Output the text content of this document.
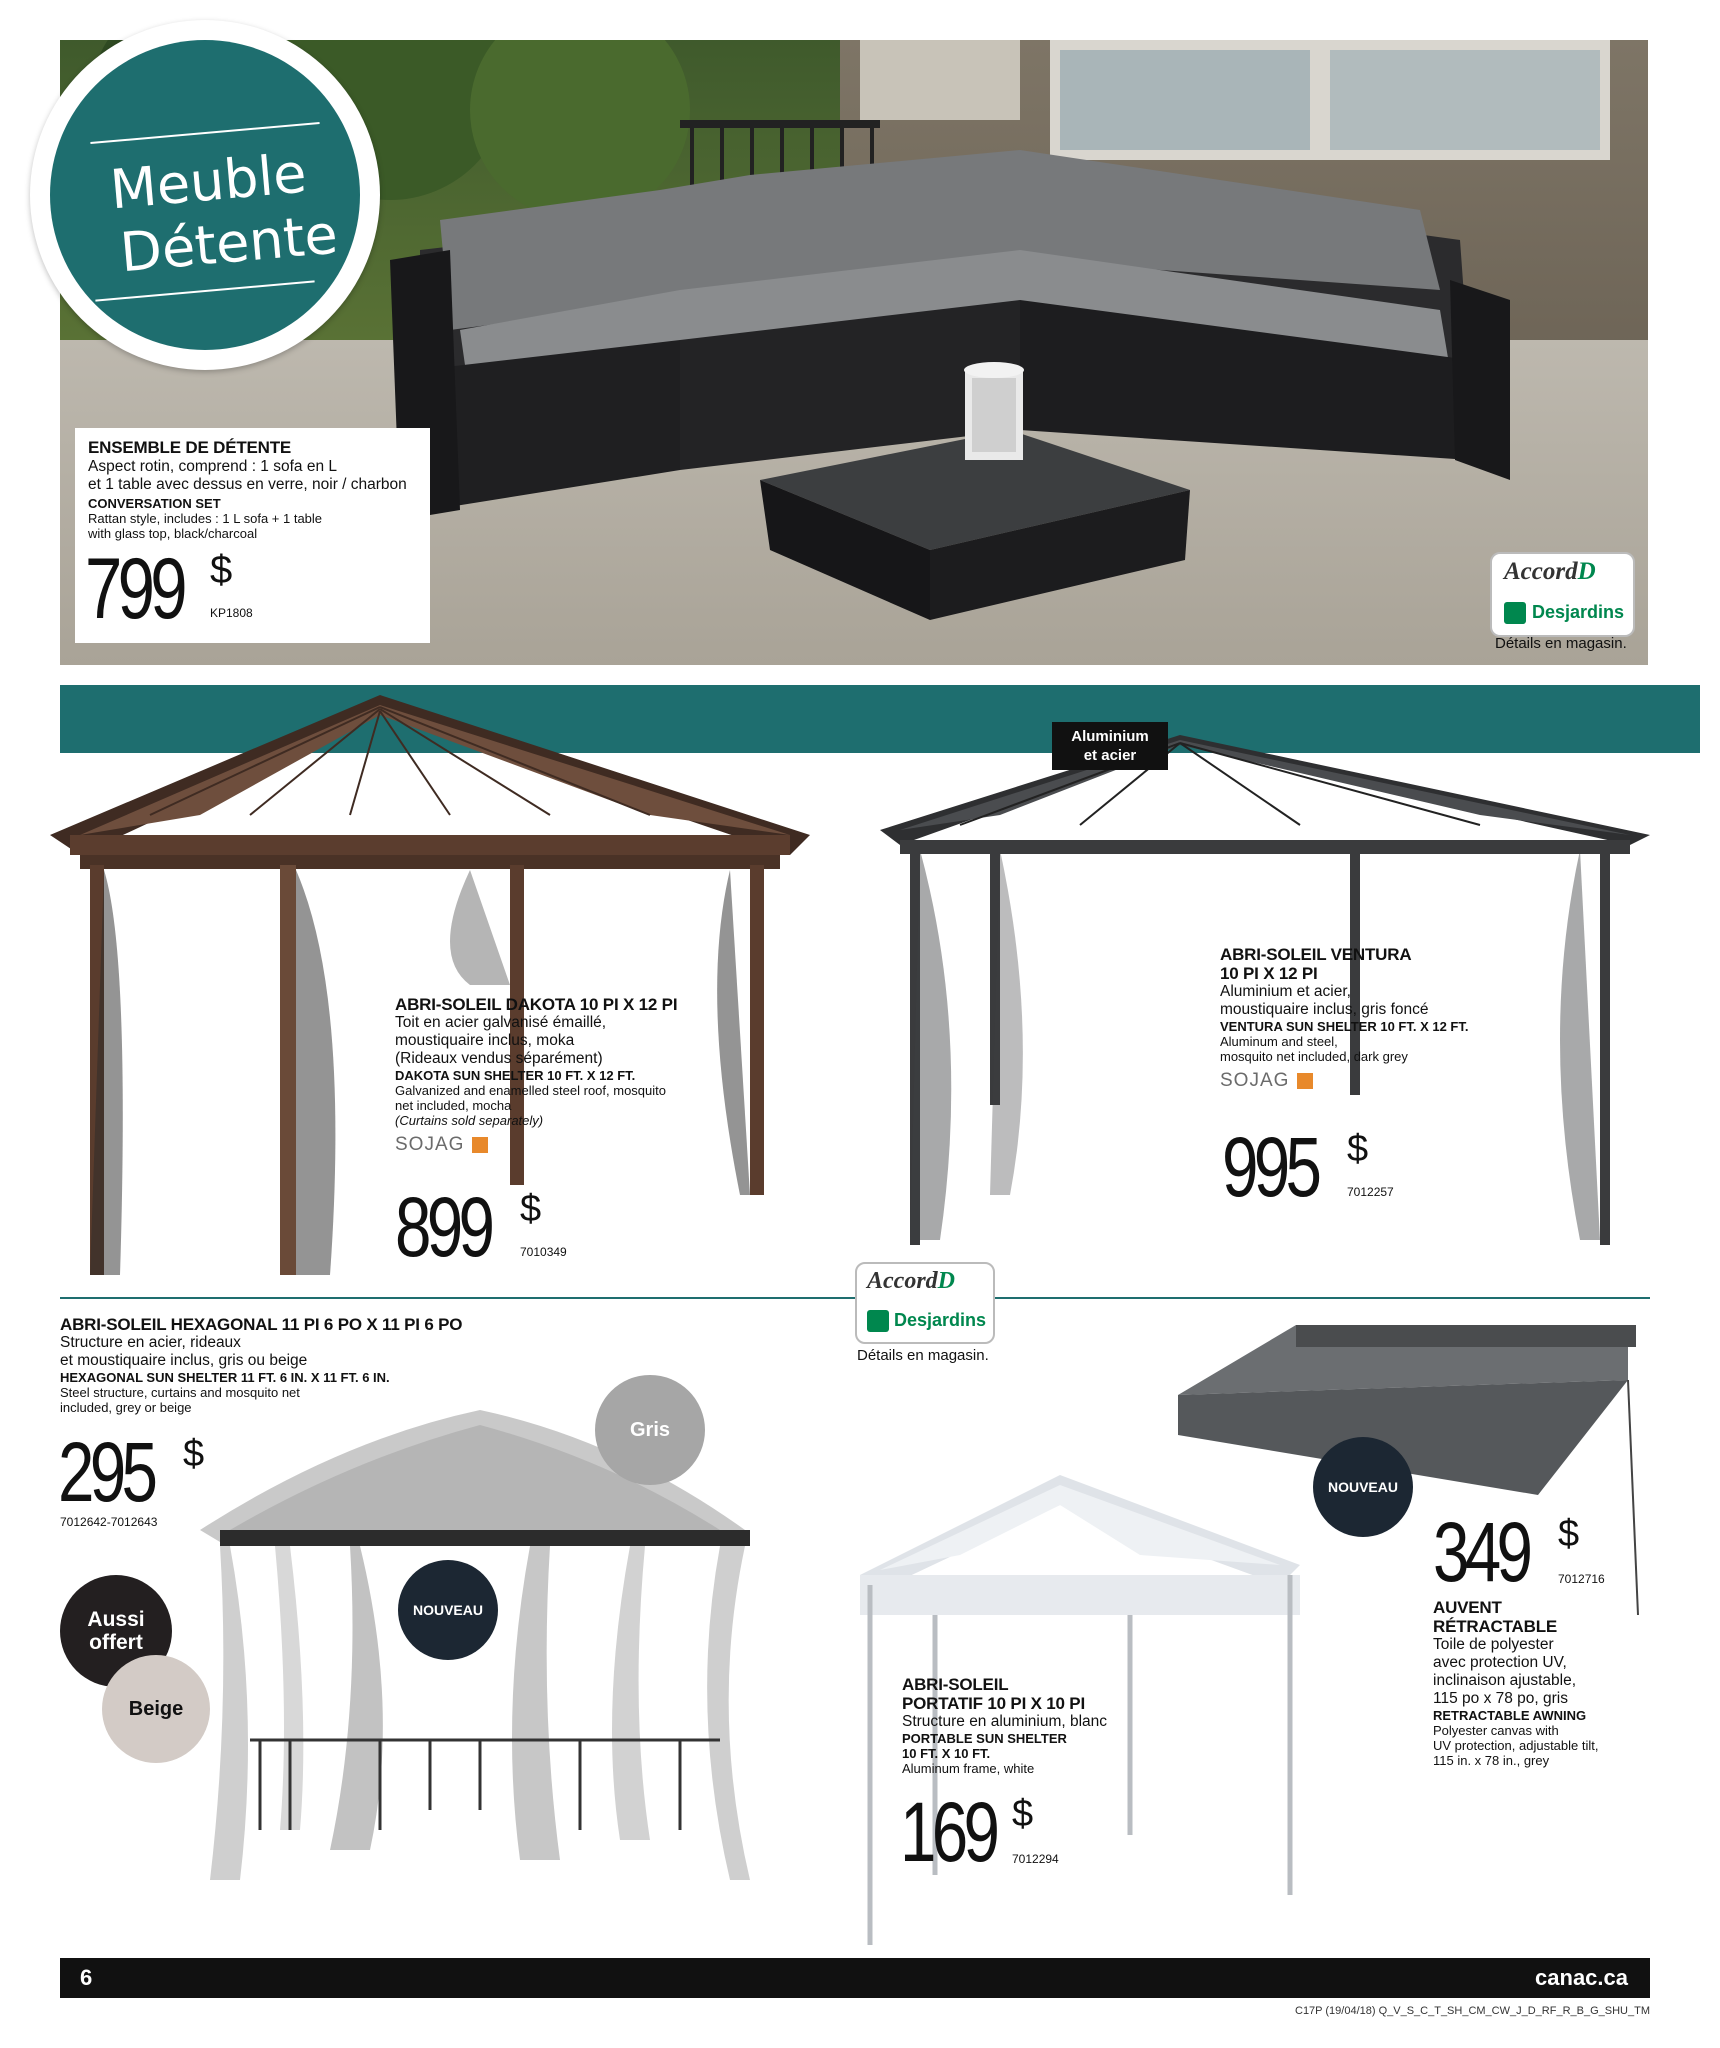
Meuble
Détente
ENSEMBLE DE DÉTENTE
Aspect rotin, comprend : 1 sofa en L
et 1 table avec dessus en verre, noir / charbon
CONVERSATION SET
Rattan style, includes : 1 L sofa + 1 table
with glass top, black/charcoal
799 $
KP1808
AccordD
Desjardins
Détails en magasin.
ABRI-SOLEIL DAKOTA 10 PI X 12 PI
Toit en acier galvanisé émaillé,
moustiquaire inclus, moka
(Rideaux vendus séparément)
DAKOTA SUN SHELTER 10 FT. X 12 FT.
Galvanized and enamelled steel roof, mosquito
net included, mocha
(Curtains sold separately)
SOJAG
899 $
7010349
Aluminium
et acier
ABRI-SOLEIL VENTURA
10 PI X 12 PI
Aluminium et acier,
moustiquaire inclus, gris foncé
VENTURA SUN SHELTER 10 FT. X 12 FT.
Aluminum and steel,
mosquito net included, dark grey
SOJAG
995 $
7012257
AccordD
Desjardins
Détails en magasin.
ABRI-SOLEIL HEXAGONAL 11 PI 6 PO X 11 PI 6 PO
Structure en acier, rideaux
et moustiquaire inclus, gris ou beige
HEXAGONAL SUN SHELTER 11 FT. 6 IN. X 11 FT. 6 IN.
Steel structure, curtains and mosquito net
included, grey or beige
295 $
7012642-7012643
Gris
Aussi
offert
Beige
NOUVEAU
ABRI-SOLEIL
PORTATIF 10 PI X 10 PI
Structure en aluminium, blanc
PORTABLE SUN SHELTER
10 FT. X 10 FT.
Aluminum frame, white
169 $
7012294
NOUVEAU
349 $
7012716
AUVENT
RÉTRACTABLE
Toile de polyester
avec protection UV,
inclinaison ajustable,
115 po x 78 po, gris
RETRACTABLE AWNING
Polyester canvas with
UV protection, adjustable tilt,
115 in. x 78 in., grey
6	canac.ca
C17P (19/04/18) Q_V_S_C_T_SH_CM_CW_J_D_RF_R_B_G_SHU_TM
